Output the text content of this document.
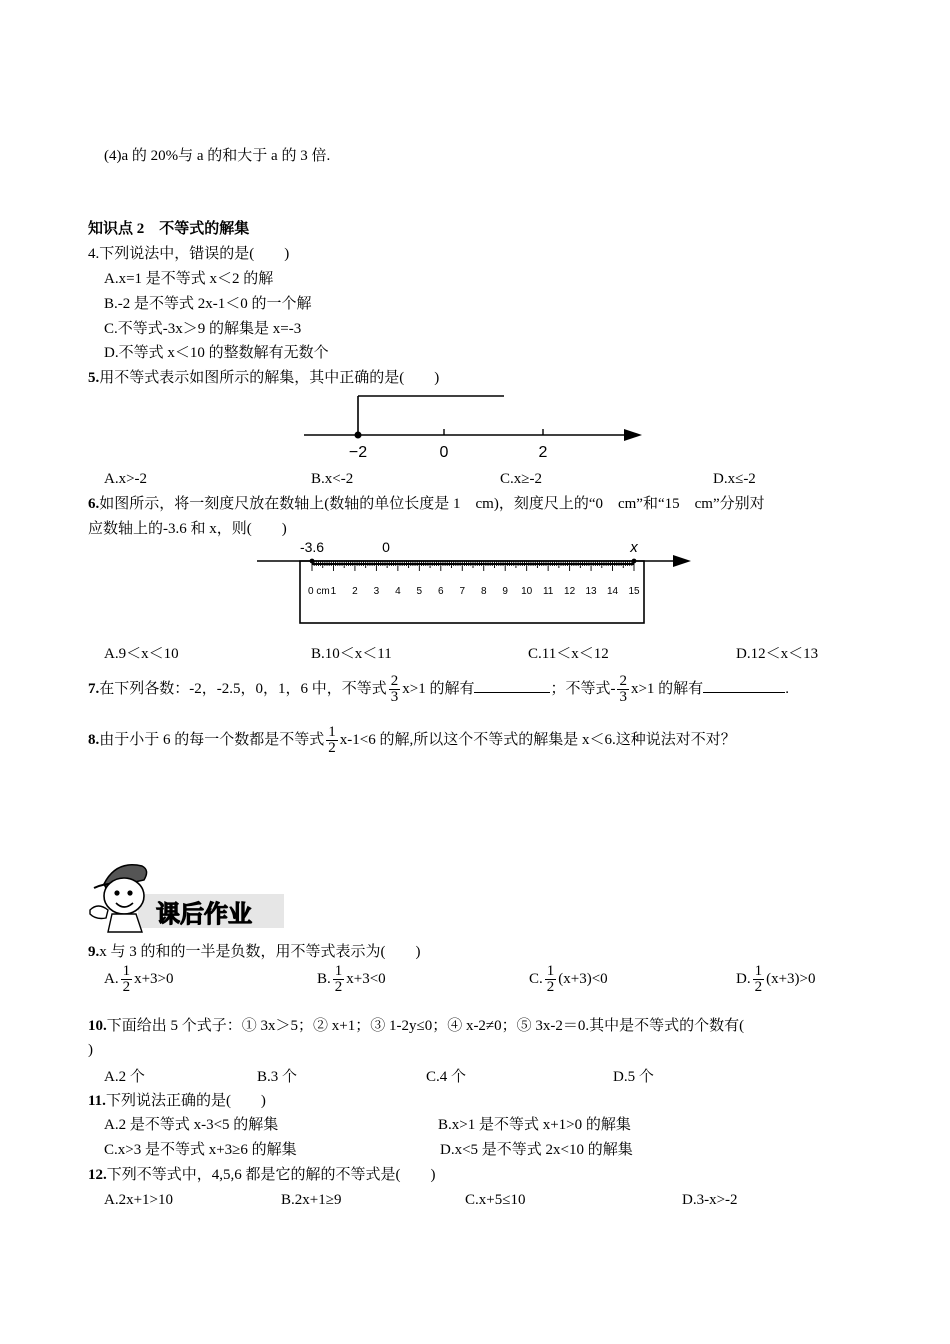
(4)a 的 20%与 a 的和大于 a 的 3 倍.
知识点 2　不等式的解集
4.下列说法中，错误的是(　　)
A.x=1 是不等式 x＜2 的解
B.-2 是不等式 2x-1＜0 的一个解
C.不等式-3x＞9 的解集是 x=-3
D.不等式 x＜10 的整数解有无数个
5.用不等式表示如图所示的解集，其中正确的是(　　)
−2	0	2
A.x>-2	B.x<-2	C.x≥-2	D.x≤-2
6.如图所示，将一刻度尺放在数轴上(数轴的单位长度是 1　cm)，刻度尺上的“0　cm”和“15　cm”分别对
应数轴上的-3.6 和 x，则(　　)
-3.6	0	x
0 cm 1 2 3 4 5 6 7 8 9 10 11 12 13 14 15
A.9＜x＜10	B.10＜x＜11	C.11＜x＜12	D.12＜x＜13
7.在下列各数：-2，-2.5，0，1，6 中，不等式 $\frac{2}{3} x>1$ 的解有	；不等式- $\frac{2}{3} x>1$ 的解有	.
8.由于小于 6 的每一个数都是不等式 $\frac{1}{2} x-1<6$ 的解,所以这个不等式的解集是 x＜6.这种说法对不对？
课后作业
9.x 与 3 的和的一半是负数，用不等式表示为(　　)
A. $\frac{1}{2} x+3>0$	B. $\frac{1}{2} x+3<0$	C. $\frac{1}{2} (x+3)<0$	D. $\frac{1}{2} (x+3)>0$
10.下面给出 5 个式子：① 3x＞5；② x+1；③ 1-2y≤0；④ x-2≠0；⑤ 3x-2＝0.其中是不等式的个数有(
)
A.2 个	B.3 个	C.4 个	D.5 个
11.下列说法正确的是(　　)
A.2 是不等式 x-3<5 的解集	B.x>1 是不等式 x+1>0 的解集
C.x>3 是不等式 x+3≥6 的解集	D.x<5 是不等式 2x<10 的解集
12.下列不等式中，4,5,6 都是它的解的不等式是(　　)
A.2x+1>10	B.2x+1≥9	C.x+5≤10	D.3-x>-2
